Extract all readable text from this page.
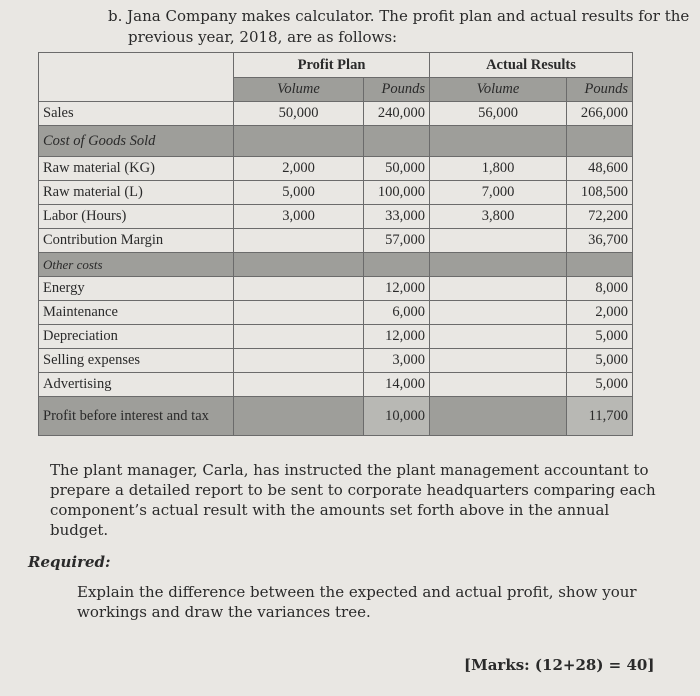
b. Jana Company makes calculator. The profit plan and actual results for the
previous year, 2018, are as follows:
	Profit Plan		Actual Results	
	Volume	Pounds	Volume	Pounds
Sales	50,000	240,000	56,000	266,000
Cost of Goods Sold				
Raw material (KG)	2,000	50,000	1,800	48,600
Raw material (L)	5,000	100,000	7,000	108,500
Labor (Hours)	3,000	33,000	3,800	72,200
Contribution Margin		57,000		36,700
Other costs				
Energy		12,000		8,000
Maintenance		6,000		2,000
Depreciation		12,000		5,000
Selling expenses		3,000		5,000
Advertising		14,000		5,000
Profit before interest and tax		10,000		11,700
The plant manager, Carla, has instructed the plant management accountant to prepare a detailed report to be sent to corporate headquarters comparing each component’s actual result with the amounts set forth above in the annual budget.
Required:
Explain the difference between the expected and actual profit, show your workings and draw the variances tree.
[Marks: (12+28) = 40]
